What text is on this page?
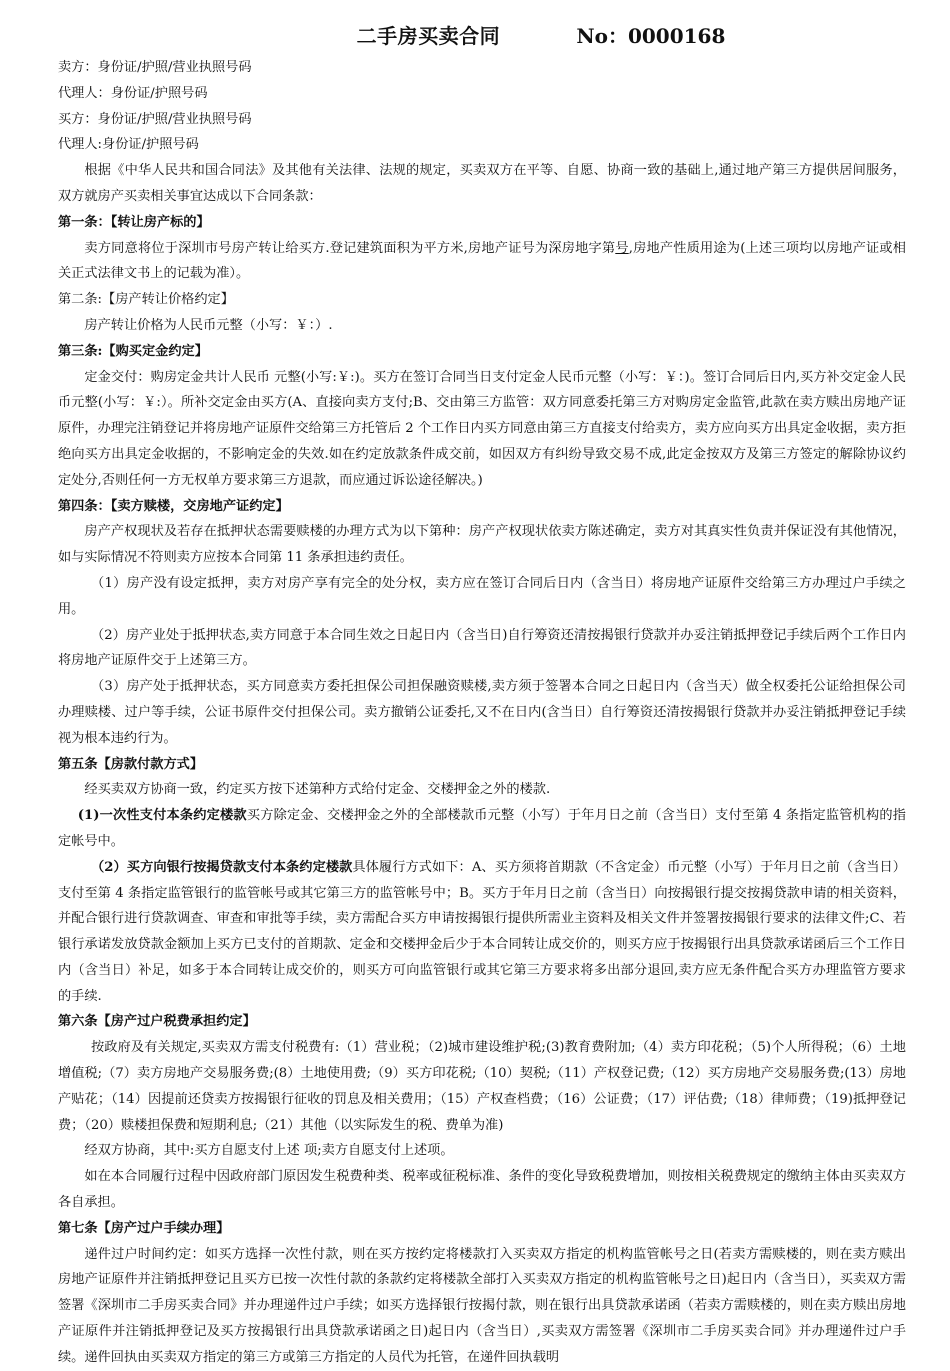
二手房买卖合同	No：0000168

卖方：身份证/护照/营业执照号码

代理人：身份证/护照号码

买方：身份证/护照/营业执照号码

代理人:身份证/护照号码

根据《中华人民共和国合同法》及其他有关法律、法规的规定，买卖双方在平等、自愿、协商一致的基础上,通过地产第三方提供居间服务，双方就房产买卖相关事宜达成以下合同条款：

第一条：【转让房产标的】

卖方同意将位于深圳市号房产转让给买方.登记建筑面积为平方米,房地产证号为深房地字第号,房地产性质用途为(上述三项均以房地产证或相关正式法律文书上的记载为准）。

第二条:【房产转让价格约定】

房产转让价格为人民币元整（小写：￥：）.

第三条:【购买定金约定】

定金交付：购房定金共计人民币 元整(小写:￥:)。买方在签订合同当日支付定金人民币元整（小写：￥：)。签订合同后日内,买方补交定金人民币元整(小写：￥:）。所补交定金由买方(A、直接向卖方支付;B、交由第三方监管：双方同意委托第三方对购房定金监管,此款在卖方赎出房地产证原件，办理完注销登记并将房地产证原件交给第三方托管后 2 个工作日内买方同意由第三方直接支付给卖方，卖方应向买方出具定金收据，卖方拒绝向买方出具定金收据的，不影响定金的失效.如在约定放款条件成交前，如因双方有纠纷导致交易不成,此定金按双方及第三方签定的解除协议约定处分,否则任何一方无权单方要求第三方退款，而应通过诉讼途径解决。)

第四条：【卖方赎楼，交房地产证约定】

房产产权现状及若存在抵押状态需要赎楼的办理方式为以下第种：房产产权现状依卖方陈述确定，卖方对其真实性负责并保证没有其他情况，如与实际情况不符则卖方应按本合同第 11 条承担违约责任。

（1）房产没有设定抵押，卖方对房产享有完全的处分权，卖方应在签订合同后日内（含当日）将房地产证原件交给第三方办理过户手续之用。

（2）房产业处于抵押状态,卖方同意于本合同生效之日起日内（含当日)自行筹资还清按揭银行贷款并办妥注销抵押登记手续后两个工作日内将房地产证原件交于上述第三方。

（3）房产处于抵押状态，买方同意卖方委托担保公司担保融资赎楼,卖方须于签署本合同之日起日内（含当天）做全权委托公证给担保公司办理赎楼、过户等手续，公证书原件交付担保公司。卖方撤销公证委托,又不在日内(含当日）自行筹资还清按揭银行贷款并办妥注销抵押登记手续视为根本违约行为。

第五条【房款付款方式】

经买卖双方协商一致，约定买方按下述第种方式给付定金、交楼押金之外的楼款.

(1)一次性支付本条约定楼款买方除定金、交楼押金之外的全部楼款币元整（小写）于年月日之前（含当日）支付至第 4 条指定监管机构的指定帐号中。

（2）买方向银行按揭贷款支付本条约定楼款具体履行方式如下：A、买方须将首期款（不含定金）币元整（小写）于年月日之前（含当日）支付至第 4 条指定监管银行的监管帐号或其它第三方的监管帐号中；B。买方于年月日之前（含当日）向按揭银行提交按揭贷款申请的相关资料，并配合银行进行贷款调查、审查和审批等手续，卖方需配合买方申请按揭银行提供所需业主资料及相关文件并签署按揭银行要求的法律文件;C、若银行承诺发放贷款金额加上买方已支付的首期款、定金和交楼押金后少于本合同转让成交价的，则买方应于按揭银行出具贷款承诺函后三个工作日内（含当日）补足，如多于本合同转让成交价的，则买方可向监管银行或其它第三方要求将多出部分退回,卖方应无条件配合买方办理监管方要求的手续.

第六条【房产过户税费承担约定】

按政府及有关规定,买卖双方需支付税费有:（1）营业税；（2)城市建设维护税;(3)教育费附加;（4）卖方印花税；（5)个人所得税；（6）土地增值税;（7）卖方房地产交易服务费;(8）土地使用费;（9）买方印花税;（10）契税;（11）产权登记费;（12）买方房地产交易服务费;(13）房地产贴花；（14）因提前还贷卖方按揭银行征收的罚息及相关费用；（15）产权查档费；（16）公证费；（17）评估费;（18）律师费；（19)抵押登记费；（20）赎楼担保费和短期利息;（21）其他（以实际发生的税、费单为准)

经双方协商，其中:买方自愿支付上述 项;卖方自愿支付上述项。

如在本合同履行过程中因政府部门原因发生税费种类、税率或征税标准、条件的变化导致税费增加，则按相关税费规定的缴纳主体由买卖双方各自承担。

第七条【房产过户手续办理】

递件过户时间约定：如买方选择一次性付款，则在买方按约定将楼款打入买卖双方指定的机构监管帐号之日(若卖方需赎楼的，则在卖方赎出房地产证原件并注销抵押登记且买方已按一次性付款的条款约定将楼款全部打入买卖双方指定的机构监管帐号之日)起日内（含当日），买卖双方需签署《深圳市二手房买卖合同》并办理递件过户手续；如买方选择银行按揭付款，则在银行出具贷款承诺函（若卖方需赎楼的，则在卖方赎出房地产证原件并注销抵押登记及买方按揭银行出具贷款承诺函之日)起日内（含当日）,买卖双方需签署《深圳市二手房买卖合同》并办理递件过户手续。递件回执由买卖双方指定的第三方或第三方指定的人员代为托管，在递件回执载明
